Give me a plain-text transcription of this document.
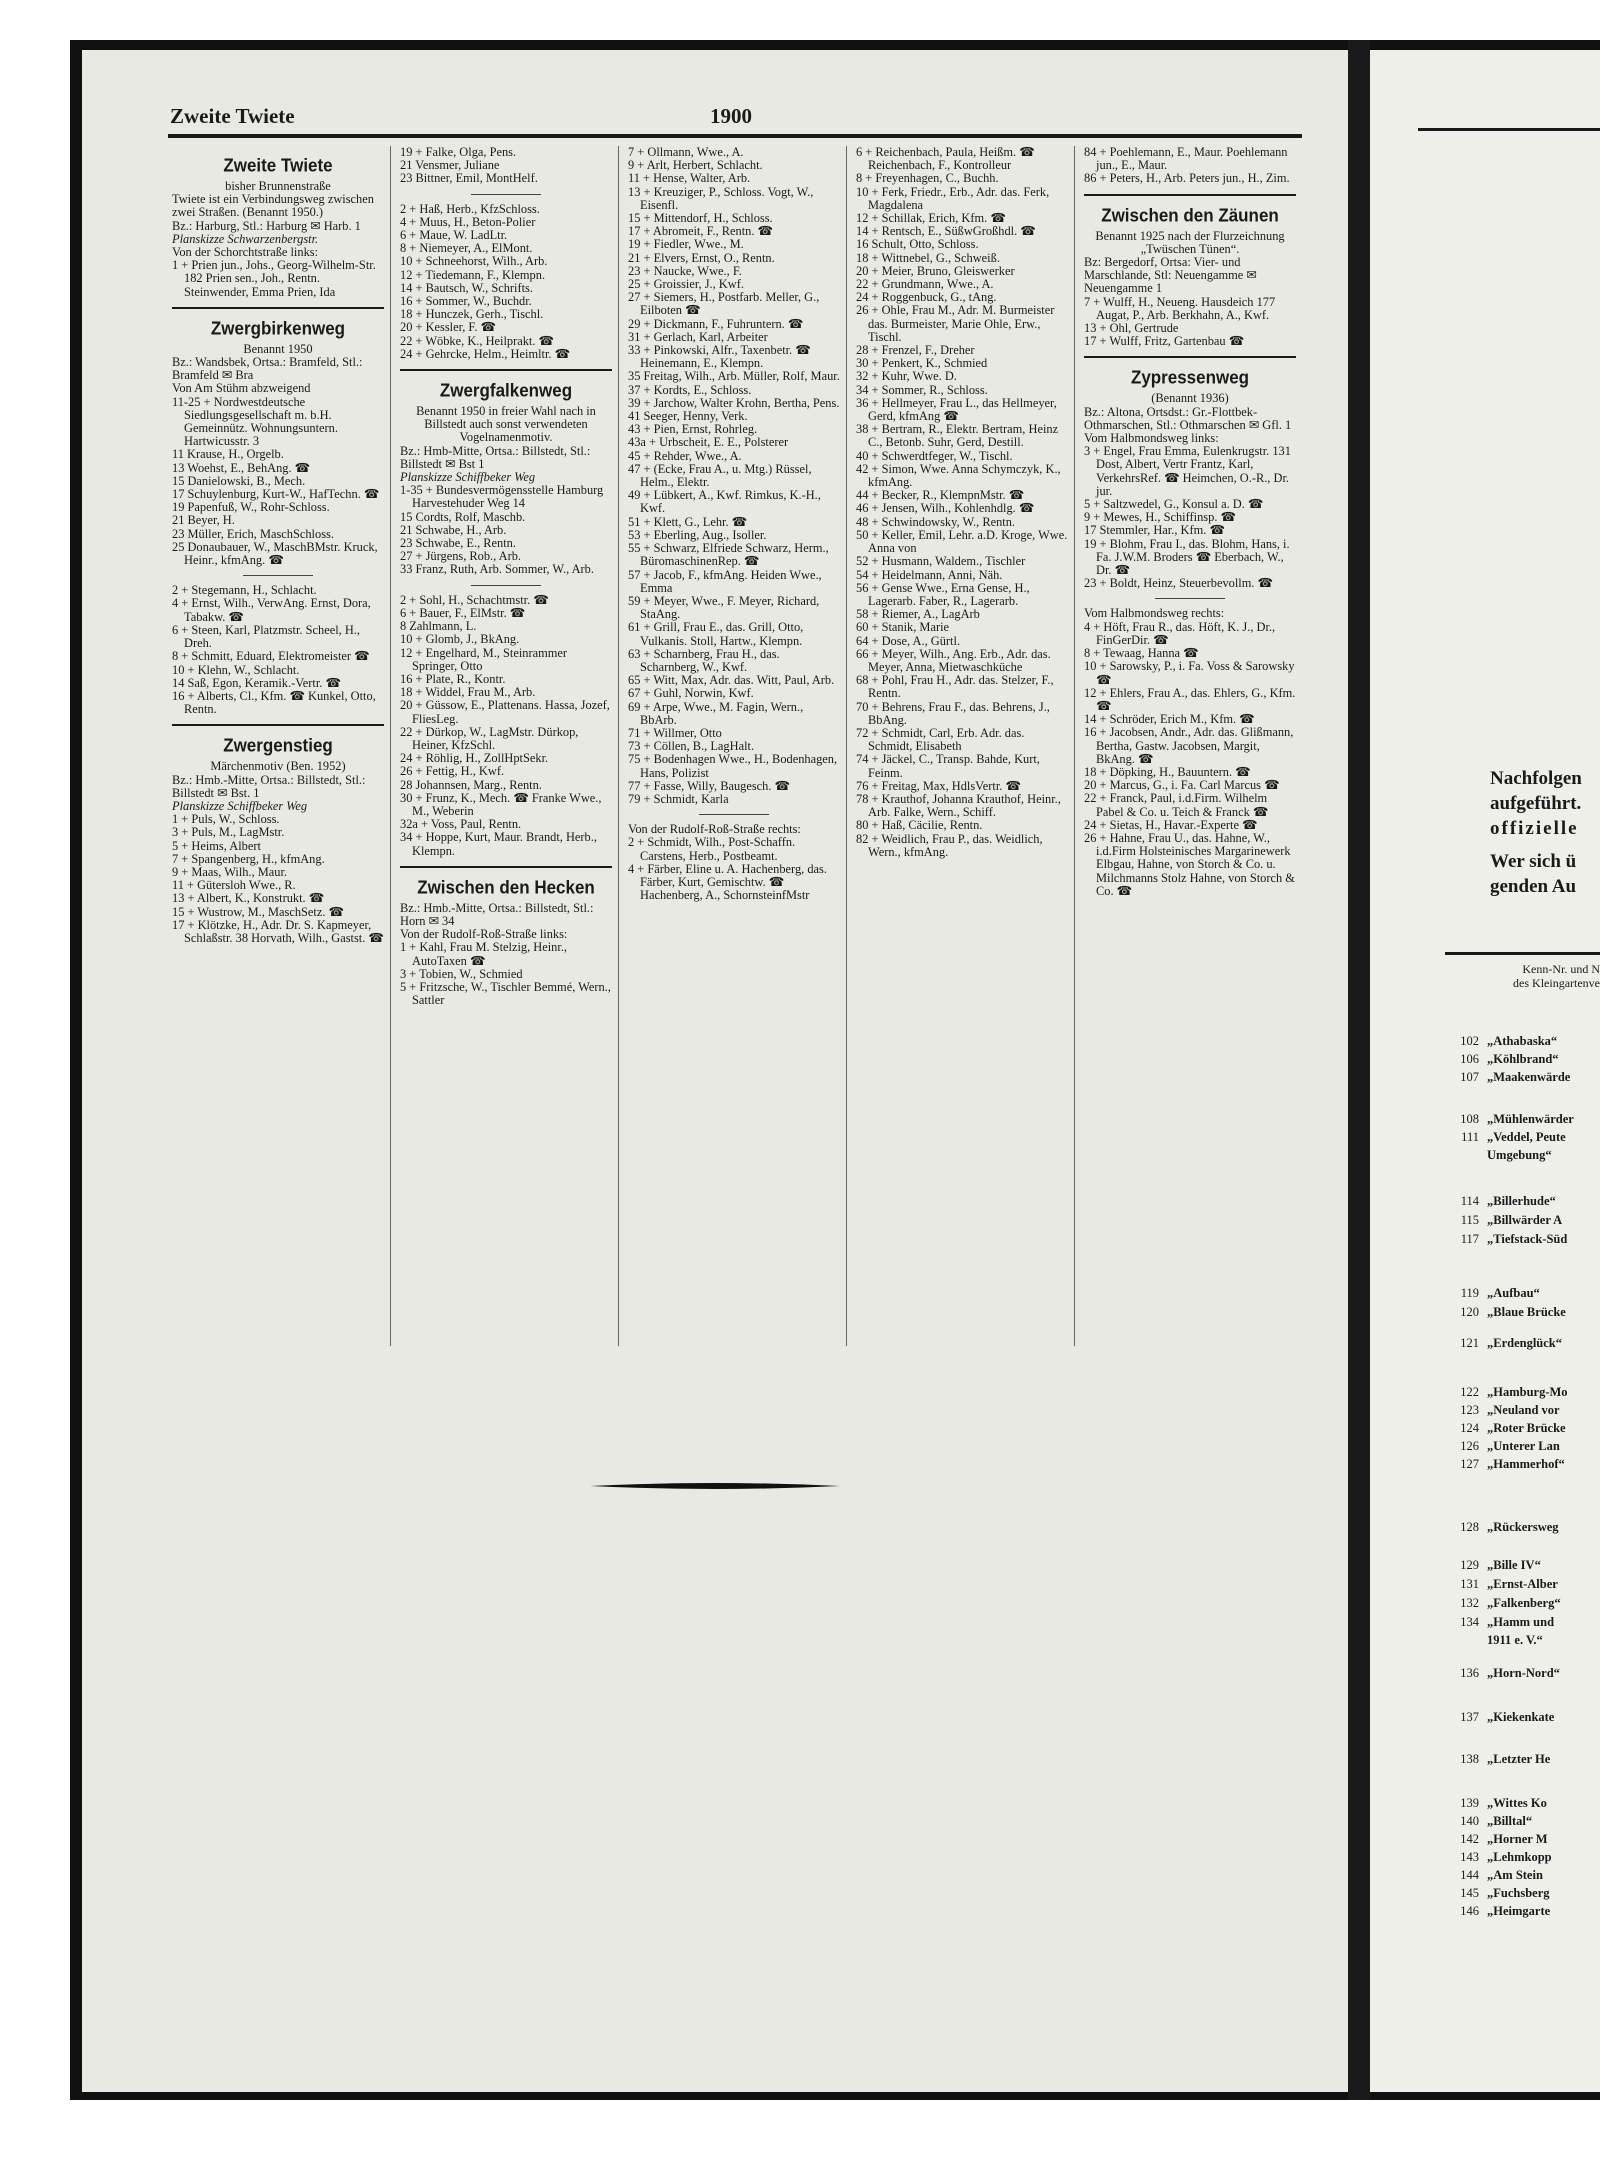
Zweite Twiete	1900

Zweite Twiete

bisher Brunnenstraße

Twiete ist ein Verbindungsweg zwischen zwei Straßen. (Benannt 1950.)

Bz.: Harburg, Stl.: Harburg ✉ Harb. 1

Planskizze Schwarzenbergstr.

Von der Schorchtstraße links:

1 + Prien jun., Johs., Georg-Wilhelm-Str. 182 Prien sen., Joh., Rentn. Steinwender, Emma Prien, Ida

Zwergbirkenweg

Benannt 1950

Bz.: Wandsbek, Ortsa.: Bramfeld, Stl.: Bramfeld ✉ Bra

Von Am Stühm abzweigend

11-25 + Nordwestdeutsche Siedlungsgesellschaft m. b.H. Gemeinnütz. Wohnungsuntern. Hartwicusstr. 3

11 Krause, H., Orgelb.

13 Woehst, E., BehAng. ☎

15 Danielowski, B., Mech.

17 Schuylenburg, Kurt-W., HafTechn. ☎

19 Papenfuß, W., Rohr-Schloss.

21 Beyer, H.

23 Müller, Erich, MaschSchloss.

25 Donaubauer, W., MaschBMstr. Kruck, Heinr., kfmAng. ☎

2 + Stegemann, H., Schlacht.

4 + Ernst, Wilh., VerwAng. Ernst, Dora, Tabakw. ☎

6 + Steen, Karl, Platzmstr. Scheel, H., Dreh.

8 + Schmitt, Eduard, Elektromeister ☎

10 + Klehn, W., Schlacht.

14 Saß, Egon, Keramik.-Vertr. ☎

16 + Alberts, Cl., Kfm. ☎ Kunkel, Otto, Rentn.

Zwergenstieg

Märchenmotiv (Ben. 1952)

Bz.: Hmb.-Mitte, Ortsa.: Billstedt, Stl.: Billstedt ✉ Bst. 1

Planskizze Schiffbeker Weg

1 + Puls, W., Schloss.

3 + Puls, M., LagMstr.

5 + Heims, Albert

7 + Spangenberg, H., kfmAng.

9 + Maas, Wilh., Maur.

11 + Gütersloh Wwe., R.

13 + Albert, K., Konstrukt. ☎

15 + Wustrow, M., MaschSetz. ☎

17 + Klötzke, H., Adr. Dr. S. Kapmeyer, Schlaßstr. 38 Horvath, Wilh., Gastst. ☎

19 + Falke, Olga, Pens.

21 Vensmer, Juliane

23 Bittner, Emil, MontHelf.

2 + Haß, Herb., KfzSchloss.

4 + Muus, H., Beton-Polier

6 + Maue, W. LadLtr.

8 + Niemeyer, A., ElMont.

10 + Schneehorst, Wilh., Arb.

12 + Tiedemann, F., Klempn.

14 + Bautsch, W., Schrifts.

16 + Sommer, W., Buchdr.

18 + Hunczek, Gerh., Tischl.

20 + Kessler, F. ☎

22 + Wöbke, K., Heilprakt. ☎

24 + Gehrcke, Helm., Heimltr. ☎

Zwergfalkenweg

Benannt 1950 in freier Wahl nach in Billstedt auch sonst verwendeten Vogelnamenmotiv.

Bz.: Hmb-Mitte, Ortsa.: Billstedt, Stl.: Billstedt ✉ Bst 1

Planskizze Schiffbeker Weg

1-35 + Bundesvermögensstelle Hamburg Harvestehuder Weg 14

15 Cordts, Rolf, Maschb.

21 Schwabe, H., Arb.

23 Schwabe, E., Rentn.

27 + Jürgens, Rob., Arb.

33 Franz, Ruth, Arb. Sommer, W., Arb.

2 + Sohl, H., Schachtmstr. ☎

6 + Bauer, F., ElMstr. ☎

8 Zahlmann, L.

10 + Glomb, J., BkAng.

12 + Engelhard, M., Steinrammer Springer, Otto

16 + Plate, R., Kontr.

18 + Widdel, Frau M., Arb.

20 + Güssow, E., Plattenans. Hassa, Jozef, FliesLeg.

22 + Dürkop, W., LagMstr. Dürkop, Heiner, KfzSchl.

24 + Röhlig, H., ZollHptSekr.

26 + Fettig, H., Kwf.

28 Johannsen, Marg., Rentn.

30 + Frunz, K., Mech. ☎ Franke Wwe., M., Weberin

32a + Voss, Paul, Rentn.

34 + Hoppe, Kurt, Maur. Brandt, Herb., Klempn.

Zwischen den Hecken

Bz.: Hmb.-Mitte, Ortsa.: Billstedt, Stl.: Horn ✉ 34

Von der Rudolf-Roß-Straße links:

1 + Kahl, Frau M. Stelzig, Heinr., AutoTaxen ☎

3 + Tobien, W., Schmied

5 + Fritzsche, W., Tischler Bemmé, Wern., Sattler

7 + Ollmann, Wwe., A.

9 + Arlt, Herbert, Schlacht.

11 + Hense, Walter, Arb.

13 + Kreuziger, P., Schloss. Vogt, W., Eisenfl.

15 + Mittendorf, H., Schloss.

17 + Abromeit, F., Rentn. ☎

19 + Fiedler, Wwe., M.

21 + Elvers, Ernst, O., Rentn.

23 + Naucke, Wwe., F.

25 + Groissier, J., Kwf.

27 + Siemers, H., Postfarb. Meller, G., Eilboten ☎

29 + Dickmann, F., Fuhruntern. ☎

31 + Gerlach, Karl, Arbeiter

33 + Pinkowski, Alfr., Taxenbetr. ☎ Heinemann, E., Klempn.

35 Freitag, Wilh., Arb. Müller, Rolf, Maur.

37 + Kordts, E., Schloss.

39 + Jarchow, Walter Krohn, Bertha, Pens.

41 Seeger, Henny, Verk.

43 + Pien, Ernst, Rohrleg.

43a + Urbscheit, E. E., Polsterer

45 + Rehder, Wwe., A.

47 + (Ecke, Frau A., u. Mtg.) Rüssel, Helm., Elektr.

49 + Lübkert, A., Kwf. Rimkus, K.-H., Kwf.

51 + Klett, G., Lehr. ☎

53 + Eberling, Aug., Isoller.

55 + Schwarz, Elfriede Schwarz, Herm., BüromaschinenRep. ☎

57 + Jacob, F., kfmAng. Heiden Wwe., Emma

59 + Meyer, Wwe., F. Meyer, Richard, StaAng.

61 + Grill, Frau E., das. Grill, Otto, Vulkanis. Stoll, Hartw., Klempn.

63 + Scharnberg, Frau H., das. Scharnberg, W., Kwf.

65 + Witt, Max, Adr. das. Witt, Paul, Arb.

67 + Guhl, Norwin, Kwf.

69 + Arpe, Wwe., M. Fagin, Wern., BbArb.

71 + Willmer, Otto

73 + Cöllen, B., LagHalt.

75 + Bodenhagen Wwe., H., Bodenhagen, Hans, Polizist

77 + Fasse, Willy, Baugesch. ☎

79 + Schmidt, Karla

Von der Rudolf-Roß-Straße rechts:

2 + Schmidt, Wilh., Post-Schaffn. Carstens, Herb., Postbeamt.

4 + Färber, Eline u. A. Hachenberg, das. Färber, Kurt, Gemischtw. ☎ Hachenberg, A., SchornsteinfMstr

6 + Reichenbach, Paula, Heißm. ☎ Reichenbach, F., Kontrolleur

8 + Freyenhagen, C., Buchh.

10 + Ferk, Friedr., Erb., Adr. das. Ferk, Magdalena

12 + Schillak, Erich, Kfm. ☎

14 + Rentsch, E., SüßwGroßhdl. ☎

16 Schult, Otto, Schloss.

18 + Wittnebel, G., Schweiß.

20 + Meier, Bruno, Gleiswerker

22 + Grundmann, Wwe., A.

24 + Roggenbuck, G., tAng.

26 + Ohle, Frau M., Adr. M. Burmeister das. Burmeister, Marie Ohle, Erw., Tischl.

28 + Frenzel, F., Dreher

30 + Penkert, K., Schmied

32 + Kuhr, Wwe. D.

34 + Sommer, R., Schloss.

36 + Hellmeyer, Frau L., das Hellmeyer, Gerd, kfmAng ☎

38 + Bertram, R., Elektr. Bertram, Heinz C., Betonb. Suhr, Gerd, Destill.

40 + Schwerdtfeger, W., Tischl.

42 + Simon, Wwe. Anna Schymczyk, K., kfmAng.

44 + Becker, R., KlempnMstr. ☎

46 + Jensen, Wilh., Kohlenhdlg. ☎

48 + Schwindowsky, W., Rentn.

50 + Keller, Emil, Lehr. a.D. Kroge, Wwe. Anna von

52 + Husmann, Waldem., Tischler

54 + Heidelmann, Anni, Näh.

56 + Gense Wwe., Erna Gense, H., Lagerarb. Faber, R., Lagerarb.

58 + Riemer, A., LagArb

60 + Stanik, Marie

64 + Dose, A., Gürtl.

66 + Meyer, Wilh., Ang. Erb., Adr. das. Meyer, Anna, Mietwaschküche

68 + Pohl, Frau H., Adr. das. Stelzer, F., Rentn.

70 + Behrens, Frau F., das. Behrens, J., BbAng.

72 + Schmidt, Carl, Erb. Adr. das. Schmidt, Elisabeth

74 + Jäckel, C., Transp. Bahde, Kurt, Feinm.

76 + Freitag, Max, HdlsVertr. ☎

78 + Krauthof, Johanna Krauthof, Heinr., Arb. Falke, Wern., Schiff.

80 + Haß, Cäcilie, Rentn.

82 + Weidlich, Frau P., das. Weidlich, Wern., kfmAng.

84 + Poehlemann, E., Maur. Poehlemann jun., E., Maur.

86 + Peters, H., Arb. Peters jun., H., Zim.

Zwischen den Zäunen

Benannt 1925 nach der Flurzeichnung „Twüschen Tünen“.

Bz: Bergedorf, Ortsa: Vier- und Marschlande, Stl: Neuengamme ✉ Neuengamme 1

7 + Wulff, H., Neueng. Hausdeich 177 Augat, P., Arb. Berkhahn, A., Kwf.

13 + Ohl, Gertrude

17 + Wulff, Fritz, Gartenbau ☎

Zypressenweg

(Benannt 1936)

Bz.: Altona, Ortsdst.: Gr.-Flottbek-Othmarschen, Stl.: Othmarschen ✉ Gfl. 1

Vom Halbmondsweg links:

3 + Engel, Frau Emma, Eulenkrugstr. 131 Dost, Albert, Vertr Frantz, Karl, VerkehrsRef. ☎ Heimchen, O.-R., Dr. jur.

5 + Saltzwedel, G., Konsul a. D. ☎

9 + Mewes, H., Schiffinsp. ☎

17 Stemmler, Har., Kfm. ☎

19 + Blohm, Frau I., das. Blohm, Hans, i. Fa. J.W.M. Broders ☎ Eberbach, W., Dr. ☎

23 + Boldt, Heinz, Steuerbevollm. ☎

Vom Halbmondsweg rechts:

4 + Höft, Frau R., das. Höft, K. J., Dr., FinGerDir. ☎

8 + Tewaag, Hanna ☎

10 + Sarowsky, P., i. Fa. Voss & Sarowsky ☎

12 + Ehlers, Frau A., das. Ehlers, G., Kfm. ☎

14 + Schröder, Erich M., Kfm. ☎

16 + Jacobsen, Andr., Adr. das. Glißmann, Bertha, Gastw. Jacobsen, Margit, BkAng. ☎

18 + Döpking, H., Bauuntern. ☎

20 + Marcus, G., i. Fa. Carl Marcus ☎

22 + Franck, Paul, i.d.Firm. Wilhelm Pabel & Co. u. Teich & Franck ☎

24 + Sietas, H., Havar.-Experte ☎

26 + Hahne, Frau U., das. Hahne, W., i.d.Firm Holsteinisches Margarinewerk Elbgau, Hahne, von Storch & Co. u. Milchmanns Stolz Hahne, von Storch & Co. ☎

Nachfolgen
aufgeführt.
offizielle
Wer sich ü
genden Au
Kenn-Nr. und N
des Kleingartenve
102 „Athabaska“
106 „Köhlbrand“
107 „Maakenwärde
108 „Mühlenwärder
111 „Veddel, Peute
Umgebung“
114 „Billerhude“
115 „Billwärder A
117 „Tiefstack-Süd
119 „Aufbau“
120 „Blaue Brücke
121 „Erdenglück“
122 „Hamburg-Mo
123 „Neuland vor
124 „Roter Brücke
126 „Unterer Lan
127 „Hammerhof“
128 „Rückersweg
129 „Bille IV“
131 „Ernst-Alber
132 „Falkenberg“
134 „Hamm und
1911 e. V.“
136 „Horn-Nord“
137 „Kiekenkate
138 „Letzter He
139 „Wittes Ko
140 „Billtal“
142 „Horner M
143 „Lehmkopp
144 „Am Stein
145 „Fuchsberg
146 „Heimgarte
